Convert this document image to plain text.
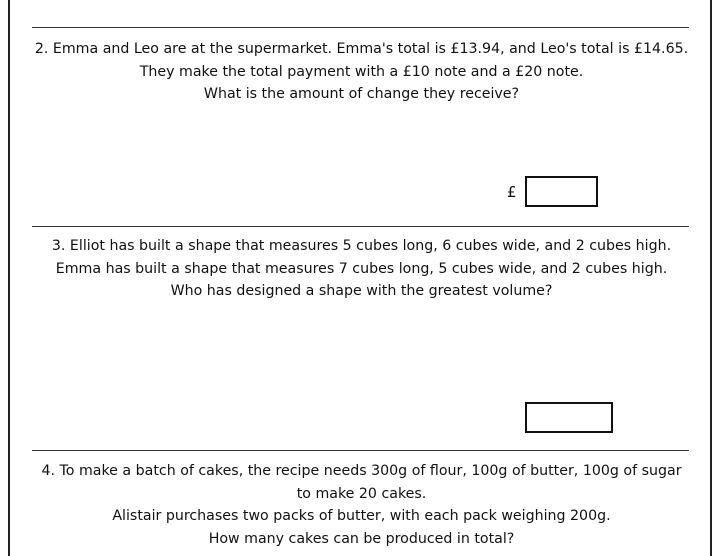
2. Emma and Leo are at the supermarket. Emma's total is £13.94, and Leo's total is £14.65.
They make the total payment with a £10 note and a £20 note.
What is the amount of change they receive?
£
3. Elliot has built a shape that measures 5 cubes long, 6 cubes wide, and 2 cubes high.
Emma has built a shape that measures 7 cubes long, 5 cubes wide, and 2 cubes high.
Who has designed a shape with the greatest volume?
4. To make a batch of cakes, the recipe needs 300g of flour, 100g of butter, 100g of sugar to make 20 cakes.
Alistair purchases two packs of butter, with each pack weighing 200g.
How many cakes can be produced in total?
